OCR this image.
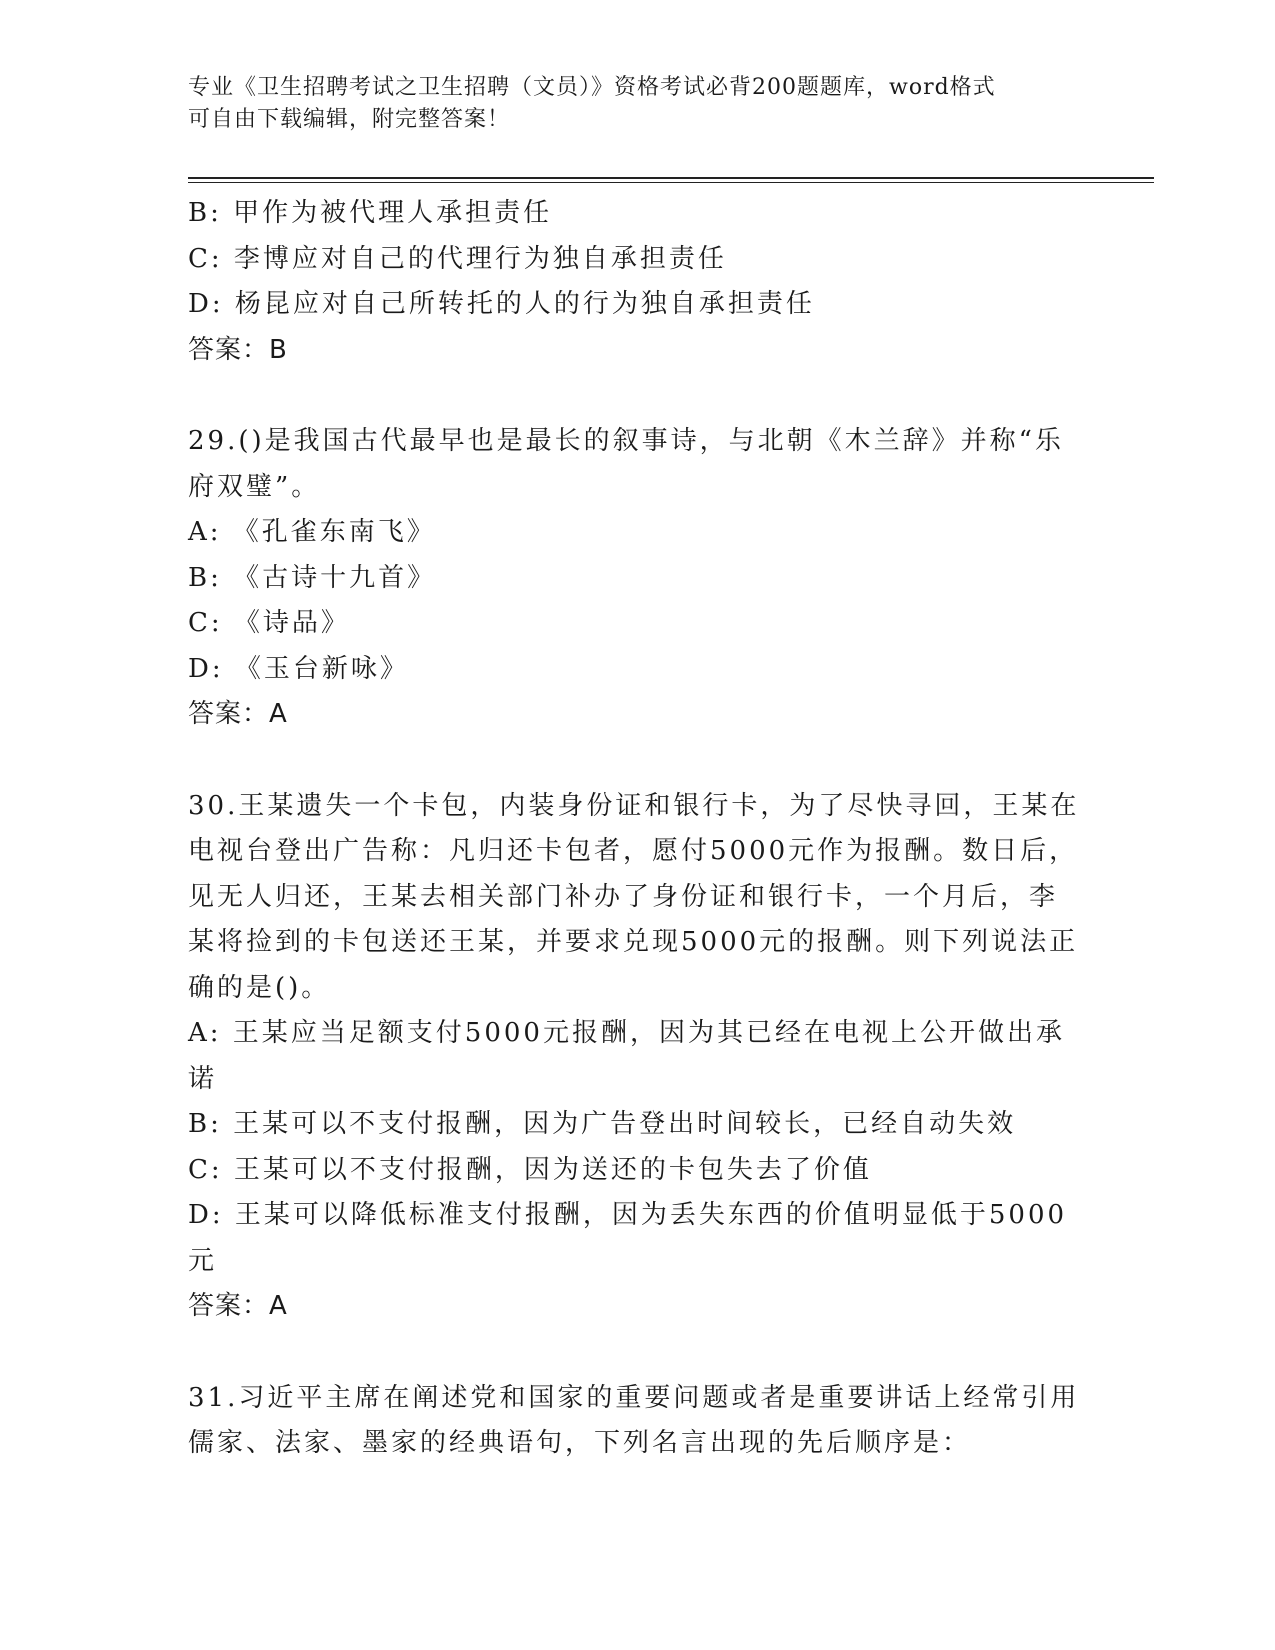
专业《卫生招聘考试之卫生招聘（文员）》资格考试必背200题题库，word格式
可自由下载编辑，附完整答案！
B: 甲作为被代理人承担责任
C: 李博应对自己的代理行为独自承担责任
D: 杨昆应对自己所转托的人的行为独自承担责任
答案：B
29.()是我国古代最早也是最长的叙事诗，与北朝《木兰辞》并称“乐
府双璧”。
A: 《孔雀东南飞》
B: 《古诗十九首》
C: 《诗品》
D: 《玉台新咏》
答案：A
30.王某遗失一个卡包，内装身份证和银行卡，为了尽快寻回，王某在
电视台登出广告称：凡归还卡包者，愿付5000元作为报酬。数日后，
见无人归还，王某去相关部门补办了身份证和银行卡，一个月后，李
某将捡到的卡包送还王某，并要求兑现5000元的报酬。则下列说法正
确的是()。
A: 王某应当足额支付5000元报酬，因为其已经在电视上公开做出承
诺
B: 王某可以不支付报酬，因为广告登出时间较长，已经自动失效
C: 王某可以不支付报酬，因为送还的卡包失去了价值
D: 王某可以降低标准支付报酬，因为丢失东西的价值明显低于5000
元
答案：A
31.习近平主席在阐述党和国家的重要问题或者是重要讲话上经常引用
儒家、法家、墨家的经典语句，下列名言出现的先后顺序是：
